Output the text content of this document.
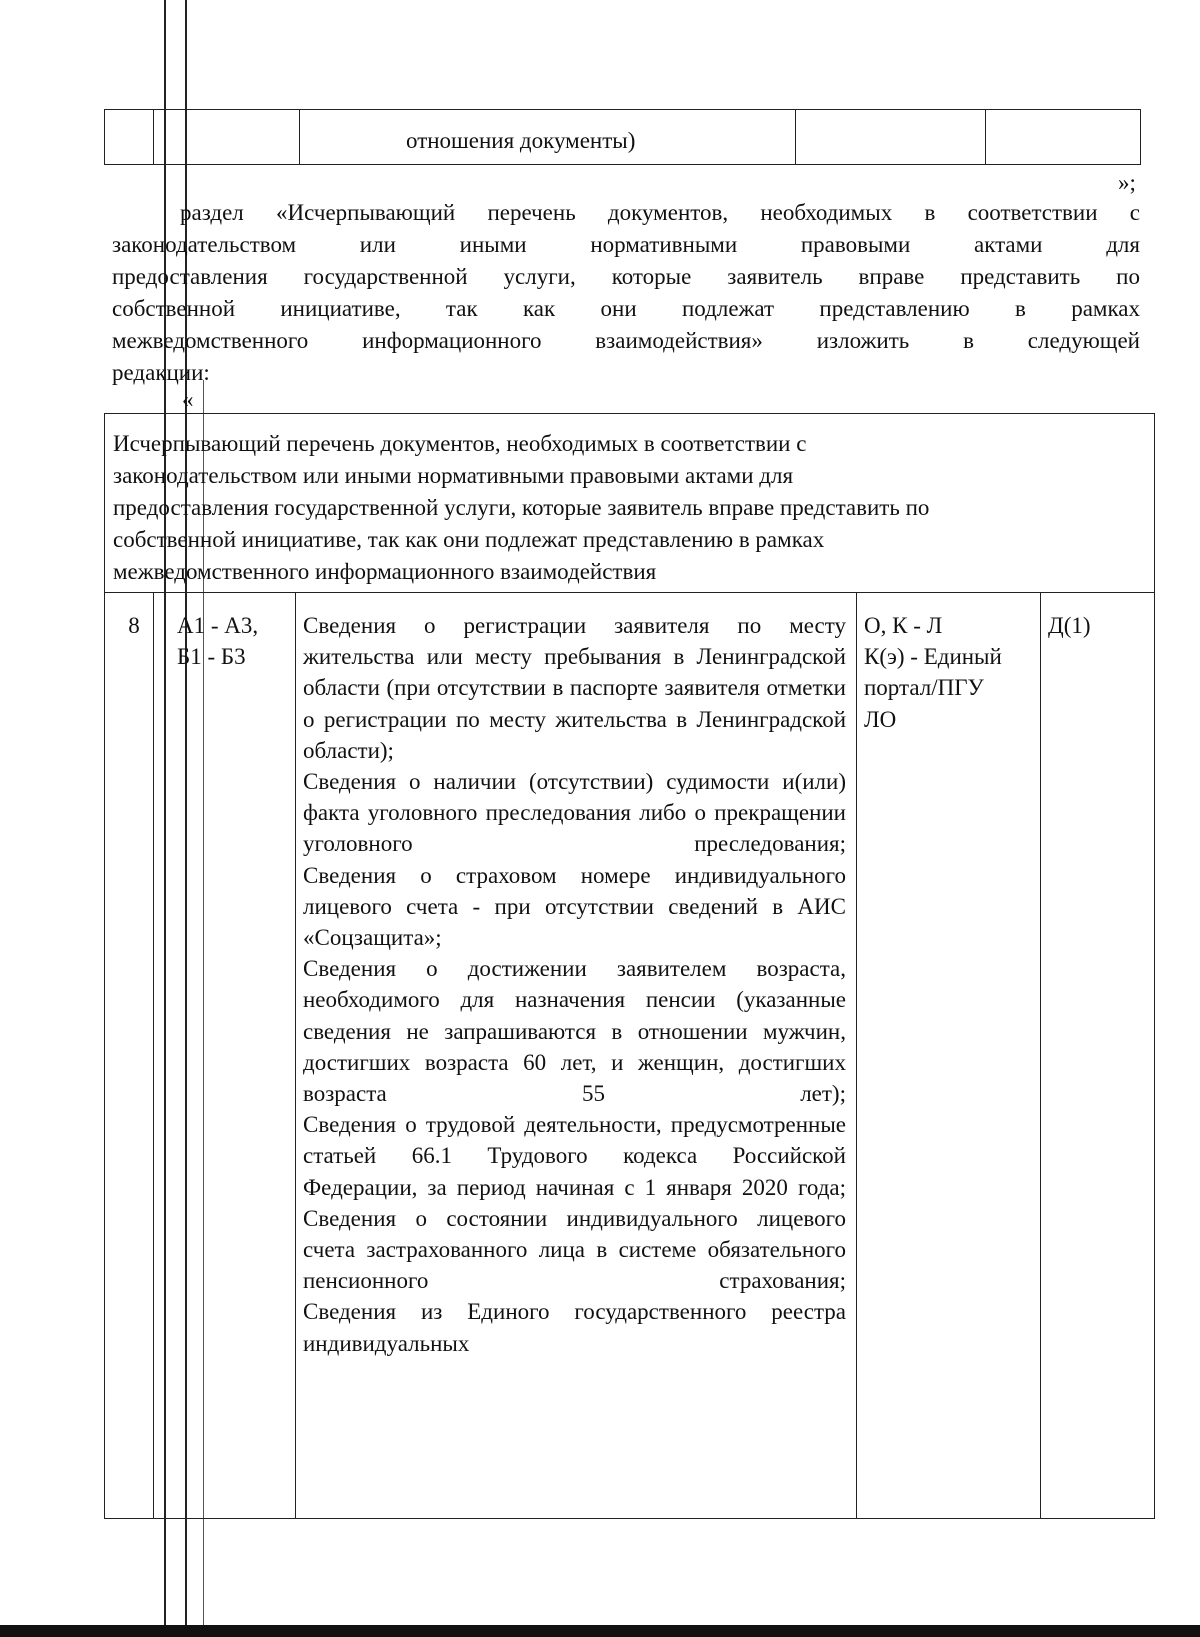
отношения документы)
»;
раздел «Исчерпывающий перечень документов, необходимых в соответствии с
законодательством или иными нормативными правовыми актами для
предоставления государственной услуги, которые заявитель вправе представить по
собственной инициативе, так как они подлежат представлению в рамках
межведомственного информационного взаимодействия» изложить в следующей
редакции:
«
Исчерпывающий перечень документов, необходимых в соответствии с
законодательством или иными нормативными правовыми актами для
предоставления государственной услуги, которые заявитель вправе представить по
собственной инициативе, так как они подлежат представлению в рамках
межведомственного информационного взаимодействия
8	А1 - А3,
Б1 - Б3

Сведения о регистрации заявителя по месту жительства или месту пребывания в Ленинградской области (при отсутствии в паспорте заявителя отметки о регистрации по месту жительства в Ленинградской области);

Сведения о наличии (отсутствии) судимости и(или) факта уголовного преследования либо о прекращении уголовного преследования;

Сведения о страховом номере индивидуального лицевого счета - при отсутствии сведений в АИС «Соцзащита»;

Сведения о достижении заявителем возраста, необходимого для назначения пенсии (указанные сведения не запрашиваются в отношении мужчин, достигших возраста 60 лет, и женщин, достигших возраста 55 лет);

Сведения о трудовой деятельности, предусмотренные статьей 66.1 Трудового кодекса Российской Федерации, за период начиная с 1 января 2020 года;

Сведения о состоянии индивидуального лицевого счета застрахованного лица в системе обязательного пенсионного страхования;

Сведения из Единого государственного реестра индивидуальных

О, К - Л
К(э) - Единый
портал/ПГУ
ЛО
Д(1)
